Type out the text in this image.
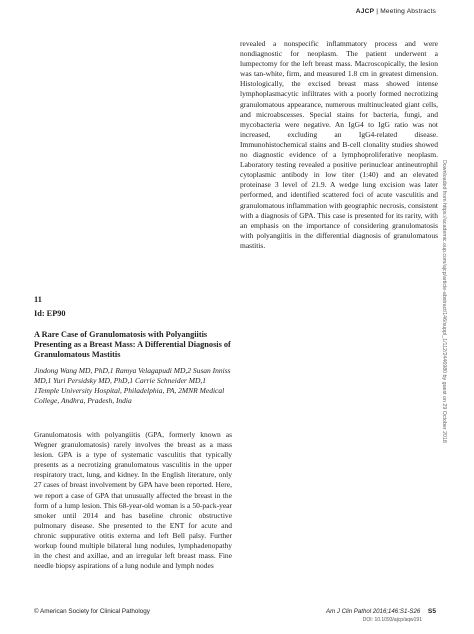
AJCP | Meeting Abstracts
revealed a nonspecific inflammatory process and were nondiagnostic for neoplasm. The patient underwent a lumpectomy for the left breast mass. Macroscopically, the lesion was tan-white, firm, and measured 1.8 cm in greatest dimension. Histologically, the excised breast mass showed intense lymphoplasmacytic infiltrates with a poorly formed necrotizing granulomatous appearance, numerous multinucleated giant cells, and microabscesses. Special stains for bacteria, fungi, and mycobacteria were negative. An IgG4 to IgG ratio was not increased, excluding an IgG4-related disease. Immunohistochemical stains and B-cell clonality studies showed no diagnostic evidence of a lymphoproliferative neoplasm. Laboratory testing revealed a positive perinuclear antineutrophil cytoplasmic antibody in low titer (1:40) and an elevated proteinase 3 level of 21.9. A wedge lung excision was later performed, and identified scattered foci of acute vasculitis and granulomatous inflammation with geographic necrosis, consistent with a diagnosis of GPA. This case is presented for its rarity, with an emphasis on the importance of considering granulomatosis with polyangiitis in the differential diagnosis of granulomatous mastitis.
11
Id: EP90
A Rare Case of Granulomatosis with Polyangiitis Presenting as a Breast Mass: A Differential Diagnosis of Granulomatous Mastitis
Jindong Wang MD, PhD,1 Ramya Velagapudi MD,2 Susan Inniss MD,1 Yuri Persidsky MD, PhD,1 Carrie Schneider MD,1 1Temple University Hospital, Philadelphia, PA, 2MNR Medical College, Andhra, Pradesh, India
Granulomatosis with polyangiitis (GPA, formerly known as Wegner granulomatosis) rarely involves the breast as a mass lesion. GPA is a type of systematic vasculitis that typically presents as a necrotizing granulomatous vasculitis in the upper respiratory tract, lung, and kidney. In the English literature, only 27 cases of breast involvement by GPA have been reported. Here, we report a case of GPA that unusually affected the breast in the form of a lump lesion. This 68-year-old woman is a 50-pack-year smoker until 2014 and has baseline chronic obstructive pulmonary disease. She presented to the ENT for acute and chronic suppurative otitis externa and left Bell palsy. Further workup found multiple bilateral lung nodules, lymphadenopathy in the chest and axillae, and an irregular left breast mass. Fine needle biopsy aspirations of a lung nodule and lymph nodes
Downloaded from https://academic.oup.com/ajcp/article-abstract/146/suppl_1/112/2446980 by guest on 29 October 2018
© American Society for Clinical Pathology	Am J Clin Pathol 2016;146:S1-S26 S5
DOI: 10.1093/ajcp/aqw191
